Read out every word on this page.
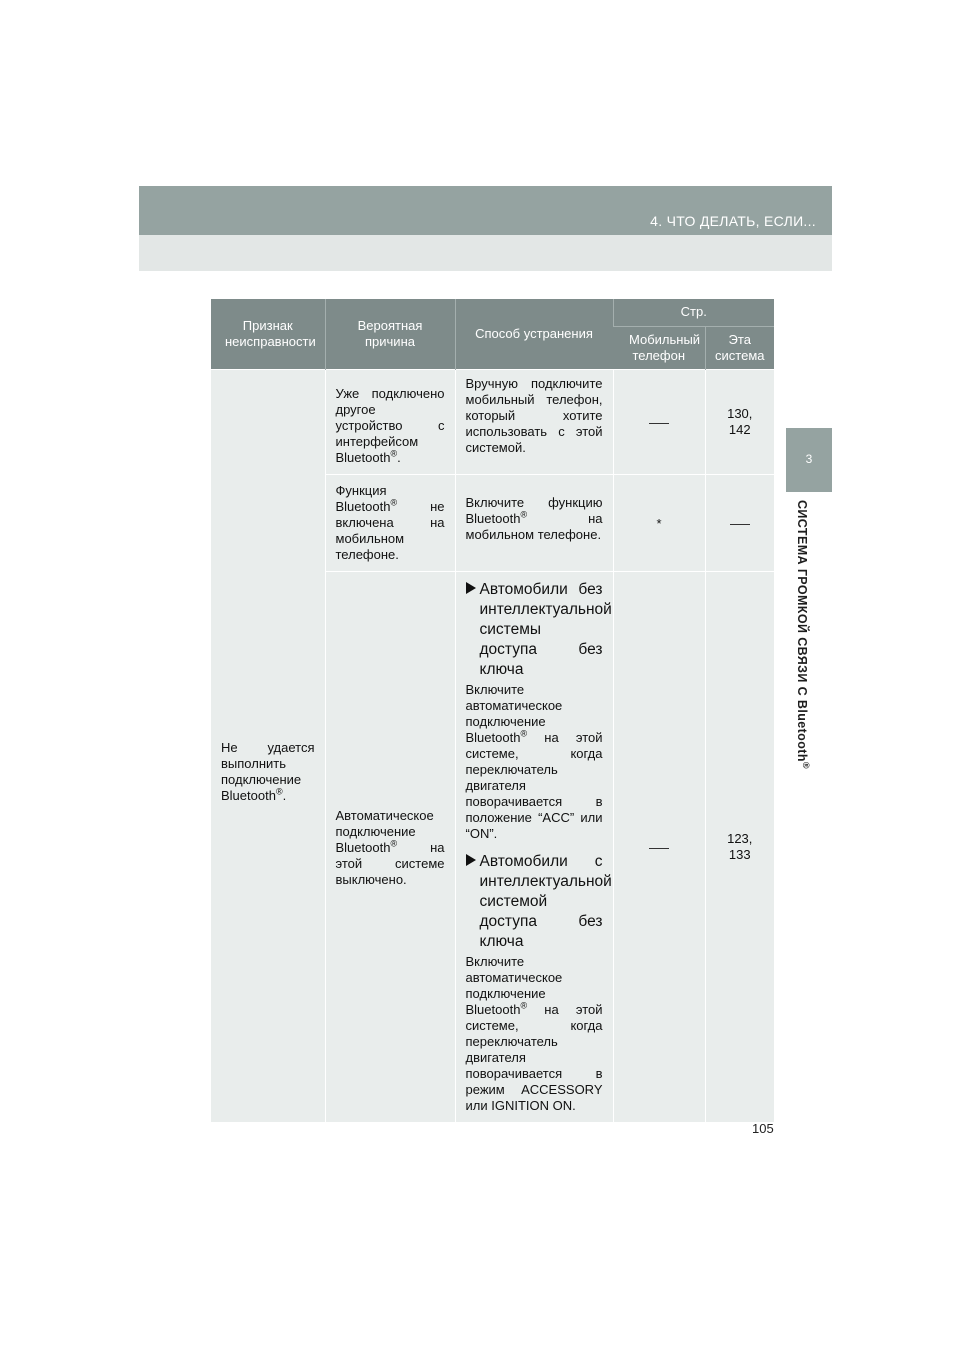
4. ЧТО ДЕЛАТЬ, ЕСЛИ...
3
СИСТЕМА ГРОМКОЙ СВЯЗИ С Bluetooth®
Признак неисправности	Вероятная причина	Способ устранения	Стр.	
			Мобильный телефон	Эта система
Не удается выполнить подключение Bluetooth®.	Уже подключено другое устройство с интерфейсом Bluetooth®.	Вручную подключите мобильный телефон, который хотите использовать с этой системой.		130, 142
	Функция Bluetooth® не включена на мобильном телефоне.	Включите функцию Bluetooth® на мобильном телефоне.	*	
	Автоматическое подключение Bluetooth® на этой системе выключено.	Автомобили без интеллектуальной системы доступа без ключа
Включите автоматическое подключение Bluetooth® на этой системе, когда переключатель двигателя поворачивается в положение “ACC” или “ON”.
Автомобили с интеллектуальной системой доступа без ключа
Включите автоматическое подключение Bluetooth® на этой системе, когда переключатель двигателя поворачивается в режим ACCESSORY или IGNITION ON.		123, 133
105
